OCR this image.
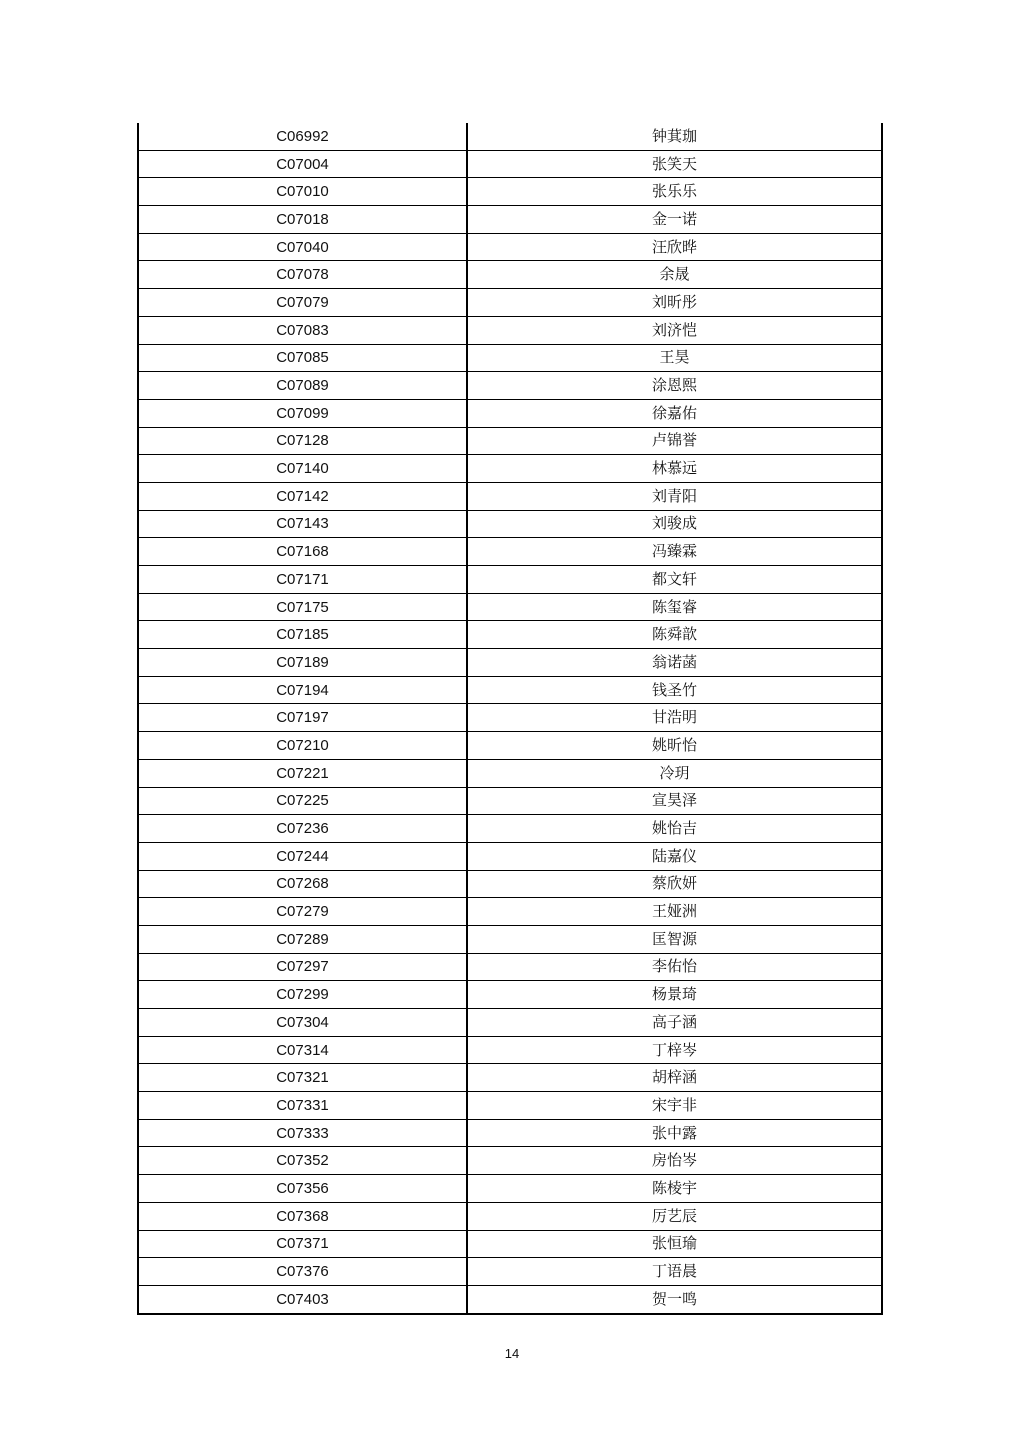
C06992	钟萁珈
C07004	张笑天
C07010	张乐乐
C07018	金一诺
C07040	汪欣晔
C07078	余晟
C07079	刘昕彤
C07083	刘济恺
C07085	王昊
C07089	涂恩熙
C07099	徐嘉佑
C07128	卢锦誉
C07140	林慕远
C07142	刘青阳
C07143	刘骏成
C07168	冯臻霖
C07171	都文轩
C07175	陈玺睿
C07185	陈舜歆
C07189	翁诺菡
C07194	钱圣竹
C07197	甘浩明
C07210	姚昕怡
C07221	冷玥
C07225	宣昊泽
C07236	姚怡吉
C07244	陆嘉仪
C07268	蔡欣妍
C07279	王娅洲
C07289	匡智源
C07297	李佑怡
C07299	杨景琦
C07304	高子涵
C07314	丁梓岑
C07321	胡梓涵
C07331	宋宇非
C07333	张中露
C07352	房怡岑
C07356	陈棱宇
C07368	厉艺辰
C07371	张恒瑜
C07376	丁语晨
C07403	贺一鸣
14
